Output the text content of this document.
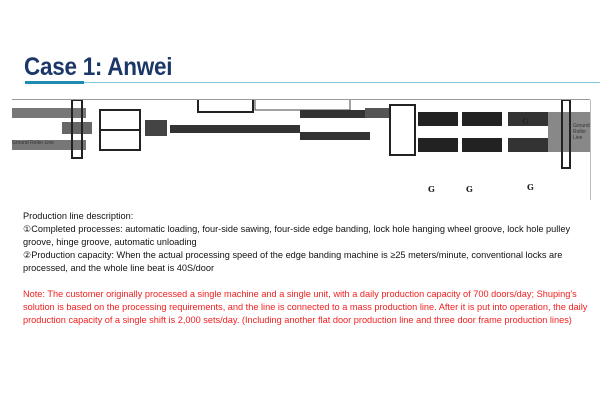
Case 1: Anwei
G	G	G
G	G	G
Ground Roller Line
Ground Roller Line
Production line description:
①Completed processes: automatic loading, four-side sawing, four-side edge banding, lock hole hanging wheel groove, lock hole pulley groove, hinge groove, automatic unloading
②Production capacity: When the actual processing speed of the edge banding machine is ≥25 meters/minute, conventional locks are processed, and the whole line beat is 40S/door
Note: The customer originally processed a single machine and a single unit, with a daily production capacity of 700 doors/day; Shuping's solution is based on the processing requirements, and the line is connected to a mass production line. After it is put into operation, the daily production capacity of a single shift is 2,000 sets/day. (Including another flat door production line and three door frame production lines)
